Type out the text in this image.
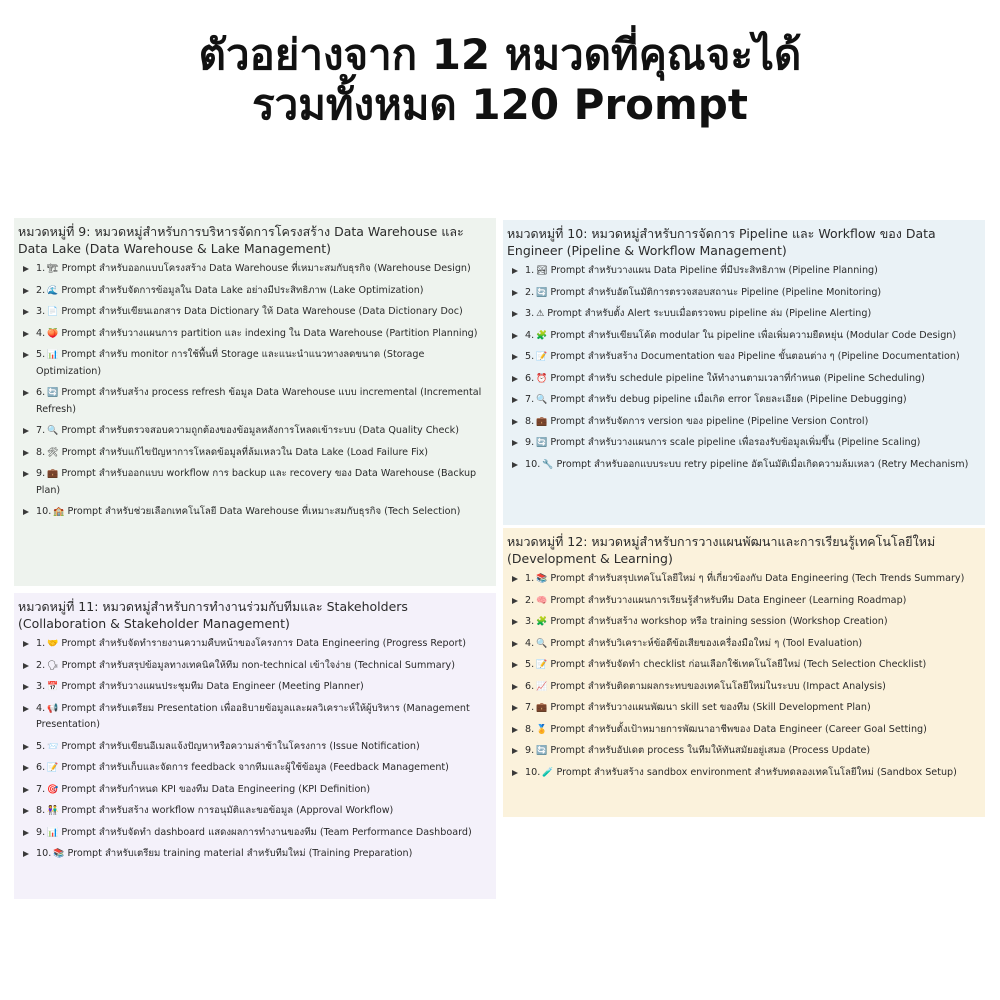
ตัวอย่างจาก 12 หมวดที่คุณจะได้
รวมทั้งหมด 120 Prompt
หมวดหมู่ที่ 9: หมวดหมู่สำหรับการบริหารจัดการโครงสร้าง Data Warehouse และ Data Lake (Data Warehouse & Lake Management)
1. 🏗 Prompt สำหรับออกแบบโครงสร้าง Data Warehouse ที่เหมาะสมกับธุรกิจ (Warehouse Design)
2. 🌊 Prompt สำหรับจัดการข้อมูลใน Data Lake อย่างมีประสิทธิภาพ (Lake Optimization)
3. 📄 Prompt สำหรับเขียนเอกสาร Data Dictionary ให้ Data Warehouse (Data Dictionary Doc)
4. 🍑 Prompt สำหรับวางแผนการ partition และ indexing ใน Data Warehouse (Partition Planning)
5. 📊 Prompt สำหรับ monitor การใช้พื้นที่ Storage และแนะนำแนวทางลดขนาด (Storage Optimization)
6. 🔄 Prompt สำหรับสร้าง process refresh ข้อมูล Data Warehouse แบบ incremental (Incremental Refresh)
7. 🔍 Prompt สำหรับตรวจสอบความถูกต้องของข้อมูลหลังการโหลดเข้าระบบ (Data Quality Check)
8. 🛠 Prompt สำหรับแก้ไขปัญหาการโหลดข้อมูลที่ล้มเหลวใน Data Lake (Load Failure Fix)
9. 💼 Prompt สำหรับออกแบบ workflow การ backup และ recovery ของ Data Warehouse (Backup Plan)
10. 🏫 Prompt สำหรับช่วยเลือกเทคโนโลยี Data Warehouse ที่เหมาะสมกับธุรกิจ (Tech Selection)
หมวดหมู่ที่ 11: หมวดหมู่สำหรับการทำงานร่วมกับทีมและ Stakeholders (Collaboration & Stakeholder Management)
1. 🤝 Prompt สำหรับจัดทำรายงานความคืบหน้าของโครงการ Data Engineering (Progress Report)
2. 🗣 Prompt สำหรับสรุปข้อมูลทางเทคนิคให้ทีม non-technical เข้าใจง่าย (Technical Summary)
3. 📅 Prompt สำหรับวางแผนประชุมทีม Data Engineer (Meeting Planner)
4. 📢 Prompt สำหรับเตรียม Presentation เพื่ออธิบายข้อมูลและผลวิเคราะห์ให้ผู้บริหาร (Management Presentation)
5. 📨 Prompt สำหรับเขียนอีเมลแจ้งปัญหาหรือความล่าช้าในโครงการ (Issue Notification)
6. 📝 Prompt สำหรับเก็บและจัดการ feedback จากทีมและผู้ใช้ข้อมูล (Feedback Management)
7. 🎯 Prompt สำหรับกำหนด KPI ของทีม Data Engineering (KPI Definition)
8. 👫 Prompt สำหรับสร้าง workflow การอนุมัติและขอข้อมูล (Approval Workflow)
9. 📊 Prompt สำหรับจัดทำ dashboard แสดงผลการทำงานของทีม (Team Performance Dashboard)
10. 📚 Prompt สำหรับเตรียม training material สำหรับทีมใหม่ (Training Preparation)
หมวดหมู่ที่ 10: หมวดหมู่สำหรับการจัดการ Pipeline และ Workflow ของ Data Engineer (Pipeline & Workflow Management)
1. 🏞 Prompt สำหรับวางแผน Data Pipeline ที่มีประสิทธิภาพ (Pipeline Planning)
2. 🔄 Prompt สำหรับอัตโนมัติการตรวจสอบสถานะ Pipeline (Pipeline Monitoring)
3. ⚠ Prompt สำหรับตั้ง Alert ระบบเมื่อตรวจพบ pipeline ล่ม (Pipeline Alerting)
4. 🧩 Prompt สำหรับเขียนโค้ด modular ใน pipeline เพื่อเพิ่มความยืดหยุ่น (Modular Code Design)
5. 📝 Prompt สำหรับสร้าง Documentation ของ Pipeline ขั้นตอนต่าง ๆ (Pipeline Documentation)
6. ⏰ Prompt สำหรับ schedule pipeline ให้ทำงานตามเวลาที่กำหนด (Pipeline Scheduling)
7. 🔍 Prompt สำหรับ debug pipeline เมื่อเกิด error โดยละเอียด (Pipeline Debugging)
8. 💼 Prompt สำหรับจัดการ version ของ pipeline (Pipeline Version Control)
9. 🔄 Prompt สำหรับวางแผนการ scale pipeline เพื่อรองรับข้อมูลเพิ่มขึ้น (Pipeline Scaling)
10. 🔧 Prompt สำหรับออกแบบระบบ retry pipeline อัตโนมัติเมื่อเกิดความล้มเหลว (Retry Mechanism)
หมวดหมู่ที่ 12: หมวดหมู่สำหรับการวางแผนพัฒนาและการเรียนรู้เทคโนโลยีใหม่ (Development & Learning)
1. 📚 Prompt สำหรับสรุปเทคโนโลยีใหม่ ๆ ที่เกี่ยวข้องกับ Data Engineering (Tech Trends Summary)
2. 🧠 Prompt สำหรับวางแผนการเรียนรู้สำหรับทีม Data Engineer (Learning Roadmap)
3. 🧩 Prompt สำหรับสร้าง workshop หรือ training session (Workshop Creation)
4. 🔍 Prompt สำหรับวิเคราะห์ข้อดีข้อเสียของเครื่องมือใหม่ ๆ (Tool Evaluation)
5. 📝 Prompt สำหรับจัดทำ checklist ก่อนเลือกใช้เทคโนโลยีใหม่ (Tech Selection Checklist)
6. 📈 Prompt สำหรับติดตามผลกระทบของเทคโนโลยีใหม่ในระบบ (Impact Analysis)
7. 💼 Prompt สำหรับวางแผนพัฒนา skill set ของทีม (Skill Development Plan)
8. 🏅 Prompt สำหรับตั้งเป้าหมายการพัฒนาอาชีพของ Data Engineer (Career Goal Setting)
9. 🔄 Prompt สำหรับอัปเดต process ในทีมให้ทันสมัยอยู่เสมอ (Process Update)
10. 🧪 Prompt สำหรับสร้าง sandbox environment สำหรับทดลองเทคโนโลยีใหม่ (Sandbox Setup)
